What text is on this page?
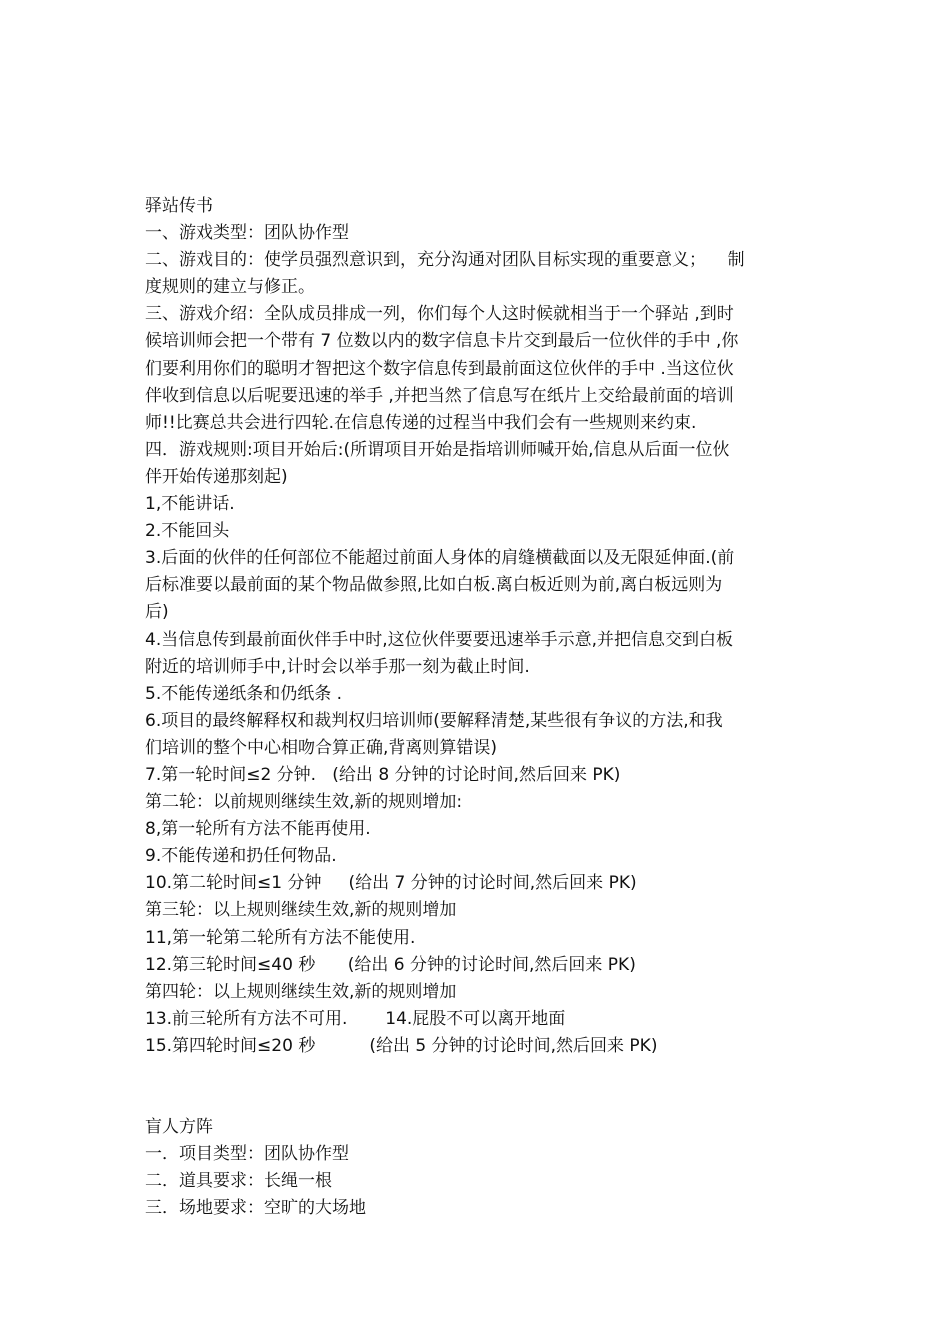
驿站传书
一、游戏类型：团队协作型
二、游戏目的：使学员强烈意识到，充分沟通对团队目标实现的重要意义；    制
度规则的建立与修正。
三、游戏介绍：全队成员排成一列，你们每个人这时候就相当于一个驿站 ,到时
候培训师会把一个带有 7 位数以内的数字信息卡片交到最后一位伙伴的手中 ,你
们要利用你们的聪明才智把这个数字信息传到最前面这位伙伴的手中 .当这位伙
伴收到信息以后呢要迅速的举手 ,并把当然了信息写在纸片上交给最前面的培训
师!!比赛总共会进行四轮.在信息传递的过程当中我们会有一些规则来约束.
四．游戏规则:项目开始后:(所谓项目开始是指培训师喊开始,信息从后面一位伙
伴开始传递那刻起)
1,不能讲话.
2.不能回头
3.后面的伙伴的任何部位不能超过前面人身体的肩缝横截面以及无限延伸面.(前
后标准要以最前面的某个物品做参照,比如白板.离白板近则为前,离白板远则为
后)
4.当信息传到最前面伙伴手中时,这位伙伴要要迅速举手示意,并把信息交到白板
附近的培训师手中,计时会以举手那一刻为截止时间.
5.不能传递纸条和仍纸条 .
6.项目的最终解释权和裁判权归培训师(要解释清楚,某些很有争议的方法,和我
们培训的整个中心相吻合算正确,背离则算错误)
7.第一轮时间≤2 分钟.   (给出 8 分钟的讨论时间,然后回来 PK)
第二轮：以前规则继续生效,新的规则增加:
8,第一轮所有方法不能再使用.
9.不能传递和扔任何物品.
10.第二轮时间≤1 分钟     (给出 7 分钟的讨论时间,然后回来 PK)
第三轮：以上规则继续生效,新的规则增加
11,第一轮第二轮所有方法不能使用.
12.第三轮时间≤40 秒      (给出 6 分钟的讨论时间,然后回来 PK)
第四轮：以上规则继续生效,新的规则增加
13.前三轮所有方法不可用.       14.屁股不可以离开地面
15.第四轮时间≤20 秒          (给出 5 分钟的讨论时间,然后回来 PK)
盲人方阵
一．项目类型：团队协作型
二．道具要求：长绳一根
三．场地要求：空旷的大场地
